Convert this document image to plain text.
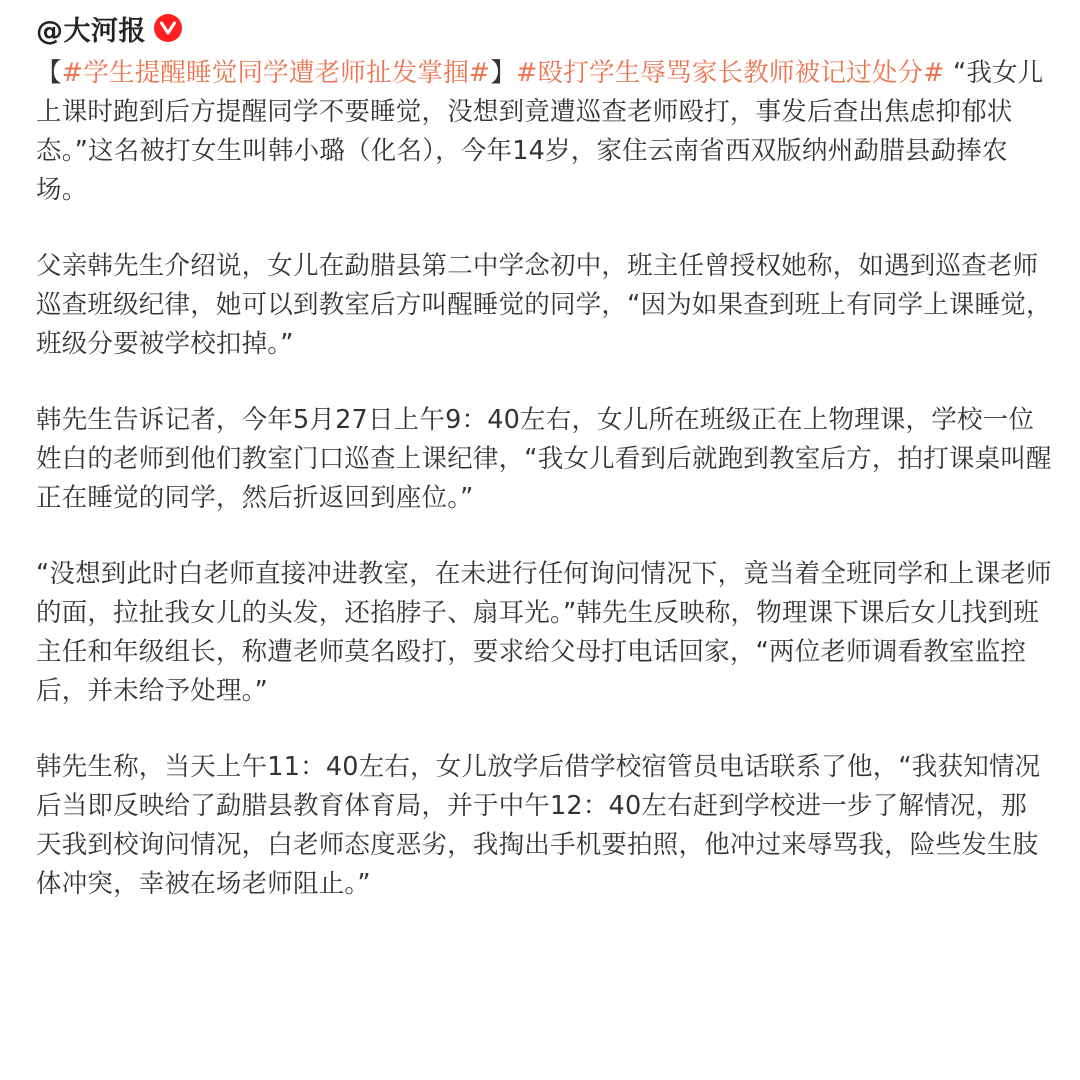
@大河报

【#学生提醒睡觉同学遭老师扯发掌掴#】#殴打学生辱骂家长教师被记过处分# “我女儿上课时跑到后方提醒同学不要睡觉，没想到竟遭巡查老师殴打，事发后查出焦虑抑郁状态。”这名被打女生叫韩小璐（化名），今年14岁，家住云南省西双版纳州勐腊县勐捧农场。

父亲韩先生介绍说，女儿在勐腊县第二中学念初中，班主任曾授权她称，如遇到巡查老师巡查班级纪律，她可以到教室后方叫醒睡觉的同学，“因为如果查到班上有同学上课睡觉，班级分要被学校扣掉。”

韩先生告诉记者，今年5月27日上午9：40左右，女儿所在班级正在上物理课，学校一位姓白的老师到他们教室门口巡查上课纪律，“我女儿看到后就跑到教室后方，拍打课桌叫醒正在睡觉的同学，然后折返回到座位。”

“没想到此时白老师直接冲进教室，在未进行任何询问情况下，竟当着全班同学和上课老师的面，拉扯我女儿的头发，还掐脖子、扇耳光。”韩先生反映称，物理课下课后女儿找到班主任和年级组长，称遭老师莫名殴打，要求给父母打电话回家，“两位老师调看教室监控后，并未给予处理。”

韩先生称，当天上午11：40左右，女儿放学后借学校宿管员电话联系了他，“我获知情况后当即反映给了勐腊县教育体育局，并于中午12：40左右赶到学校进一步了解情况，那天我到校询问情况，白老师态度恶劣，我掏出手机要拍照，他冲过来辱骂我，险些发生肢体冲突，幸被在场老师阻止。”
